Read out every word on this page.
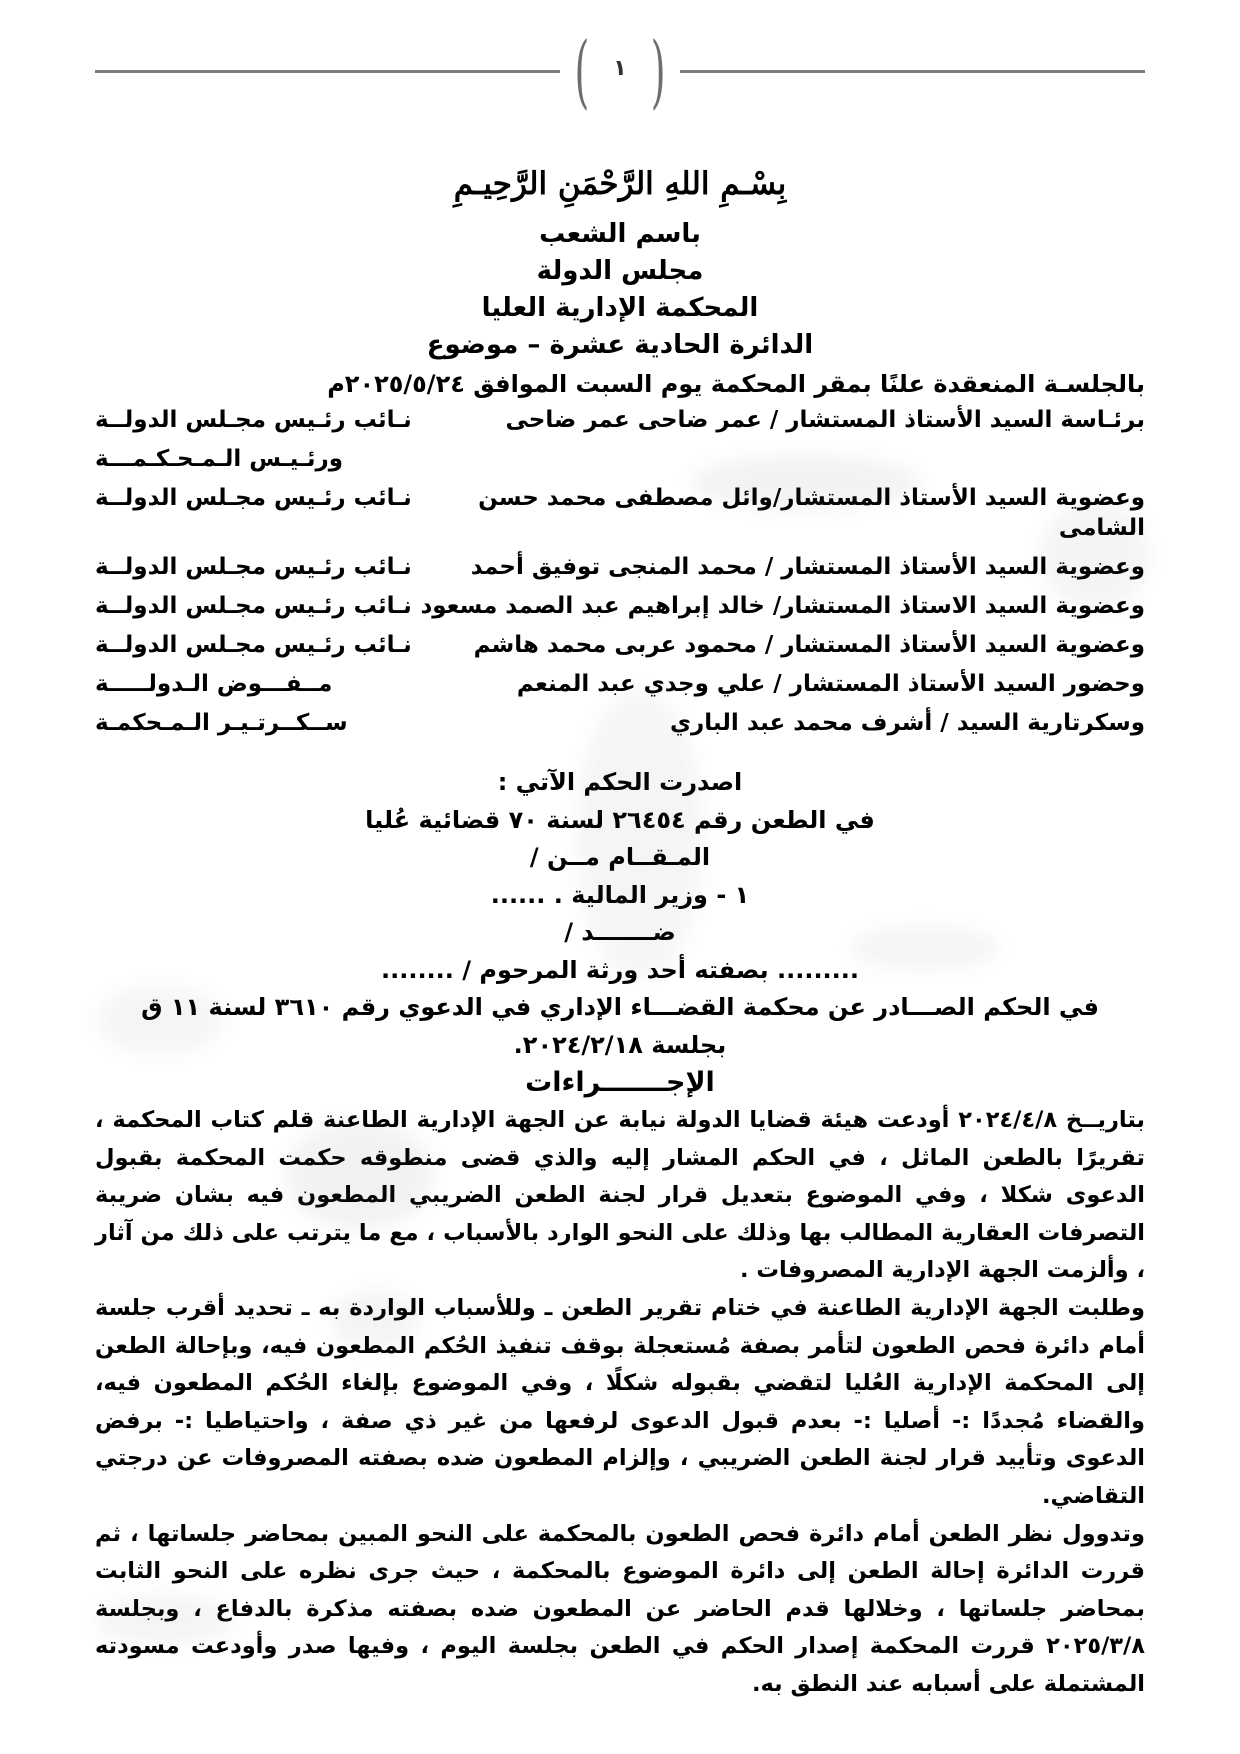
( ١ )
بِسْـمِ اللهِ الرَّحْمَنِ الرَّحِيـمِ
باسم الشعب
مجلس الدولة
المحكمة الإدارية العليا
الدائرة الحادية عشرة – موضوع
بالجلسـة المنعقدة علنًا بمقر المحكمة يوم السبت الموافق ٢٠٢٥/٥/٢٤م
برئـاسة السيد الأستاذ المستشار / عمر ضاحى عمر ضاحى
نـائب رئـيس مجـلس الدولــة
ورئـيـس الـمـحـكـمـــة
وعضوية السيد الأستاذ المستشار/وائل مصطفى محمد حسن الشامى
نـائب رئـيس مجـلس الدولــة
وعضوية السيد الأستاذ المستشار / محمد المنجى توفيق أحمد
نـائب رئـيس مجـلس الدولــة
وعضوية السيد الاستاذ المستشار/ خالد إبراهيم عبد الصمد مسعود
نـائب رئـيس مجـلس الدولــة
وعضوية السيد الأستاذ المستشار / محمود عربى محمد هاشم
نـائب رئـيس مجـلس الدولــة
وحضور السيد الأستاذ المستشار / علي وجدي عبد المنعم
مــفـــوض الـدولـــــة
وسكرتارية السيد / أشرف محمد عبد الباري
ســكــرتـيـر الـمـحكمـة
اصدرت الحكم الآتي :
في الطعن رقم ٢٦٤٥٤ لسنة ٧٠ قضائية عُليا
المـقــام مــن /
١ - وزير المالية . ......
ضـــــــد /
......... بصفته أحد ورثة المرحوم / ........
في الحكم الصـــادر عن محكمة القضـــاء الإداري في الدعوي رقم ٣٦١٠ لسنة ١١ ق
بجلسة ٢٠٢٤/٢/١٨.
الإجـــــــراءات

بتاريــخ ٢٠٢٤/٤/٨ أودعت هيئة قضايا الدولة نيابة عن الجهة الإدارية الطاعنة قلم كتاب المحكمة ، تقريرًا بالطعن الماثل ، في الحكم المشار إليه والذي قضى منطوقه حكمت المحكمة بقبول الدعوى شكلا ، وفي الموضوع بتعديل قرار لجنة الطعن الضريبي المطعون فيه بشان ضريبة التصرفات العقارية المطالب بها وذلك على النحو الوارد بالأسباب ، مع ما يترتب على ذلك من آثار ، وألزمت الجهة الإدارية المصروفات .

وطلبت الجهة الإدارية الطاعنة في ختام تقرير الطعن ـ وللأسباب الواردة به ـ تحديد أقرب جلسة أمام دائرة فحص الطعون لتأمر بصفة مُستعجلة بوقف تنفيذ الحُكم المطعون فيه، وبإحالة الطعن إلى المحكمة الإدارية العُليا لتقضي بقبوله شكلًا ، وفي الموضوع بإلغاء الحُكم المطعون فيه، والقضاء مُجددًا :- أصليا :- بعدم قبول الدعوى لرفعها من غير ذي صفة ، واحتياطيا :- برفض الدعوى وتأييد قرار لجنة الطعن الضريبي ، وإلزام المطعون ضده بصفته المصروفات عن درجتي التقاضي.

وتدوول نظر الطعن أمام دائرة فحص الطعون بالمحكمة على النحو المبين بمحاضر جلساتها ، ثم قررت الدائرة إحالة الطعن إلى دائرة الموضوع بالمحكمة ، حيث جرى نظره على النحو الثابت بمحاضر جلساتها ، وخلالها قدم الحاضر عن المطعون ضده بصفته مذكرة بالدفاع ، وبجلسة ٢٠٢٥/٣/٨ قررت المحكمة إصدار الحكم في الطعن بجلسة اليوم ، وفيها صدر وأودعت مسودته المشتملة على أسبابه عند النطق به.
